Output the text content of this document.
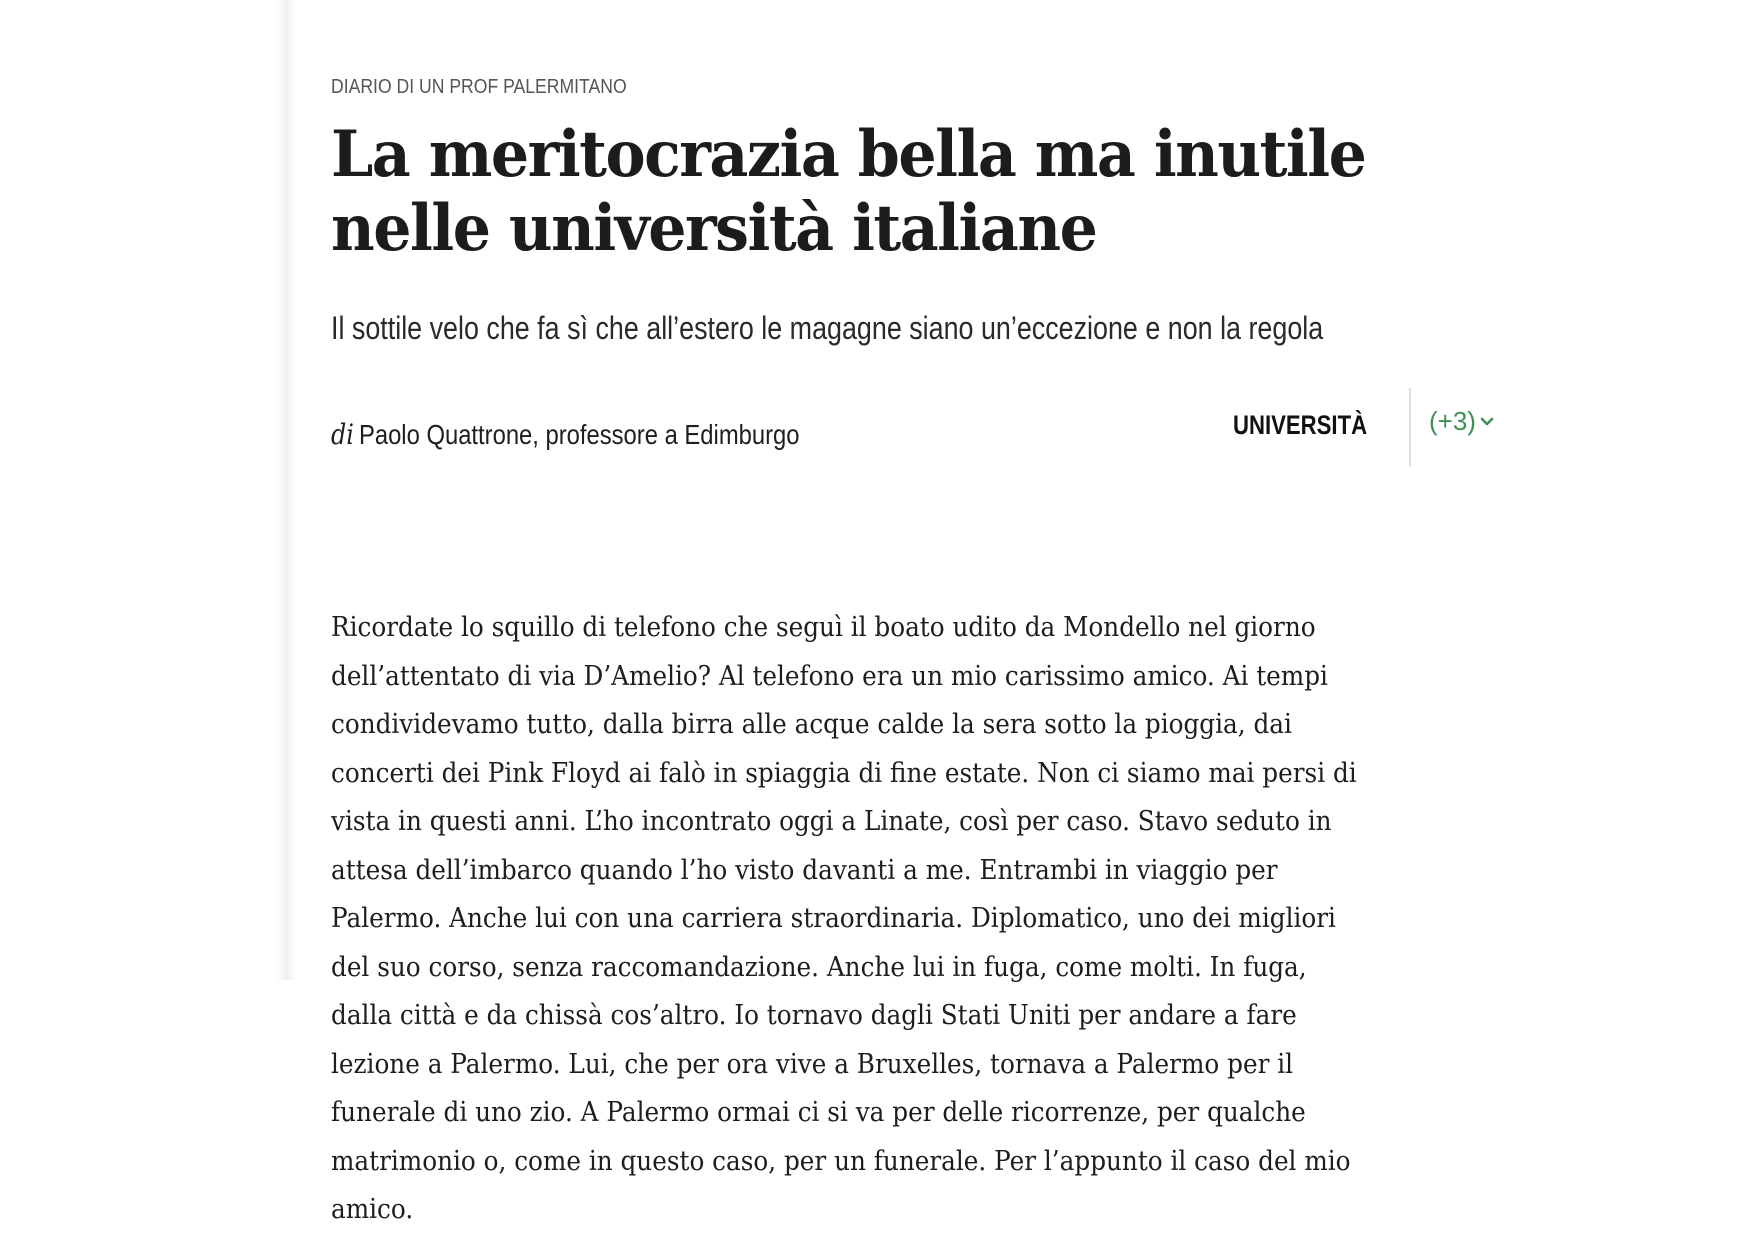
DIARIO DI UN PROF PALERMITANO
La meritocrazia bella ma inutile
nelle università italiane
Il sottile velo che fa sì che all’estero le magagne siano un’eccezione e non la regola
di Paolo Quattrone, professore a Edimburgo	UNIVERSITÀ (+3)
Ricordate lo squillo di telefono che seguì il boato udito da Mondello nel giorno
dell’attentato di via D’Amelio? Al telefono era un mio carissimo amico. Ai tempi
condividevamo tutto, dalla birra alle acque calde la sera sotto la pioggia, dai
concerti dei Pink Floyd ai falò in spiaggia di fine estate. Non ci siamo mai persi di
vista in questi anni. L’ho incontrato oggi a Linate, così per caso. Stavo seduto in
attesa dell’imbarco quando l’ho visto davanti a me. Entrambi in viaggio per
Palermo. Anche lui con una carriera straordinaria. Diplomatico, uno dei migliori
del suo corso, senza raccomandazione. Anche lui in fuga, come molti. In fuga,
dalla città e da chissà cos’altro. Io tornavo dagli Stati Uniti per andare a fare
lezione a Palermo. Lui, che per ora vive a Bruxelles, tornava a Palermo per il
funerale di uno zio. A Palermo ormai ci si va per delle ricorrenze, per qualche
matrimonio o, come in questo caso, per un funerale. Per l’appunto il caso del mio
amico.
